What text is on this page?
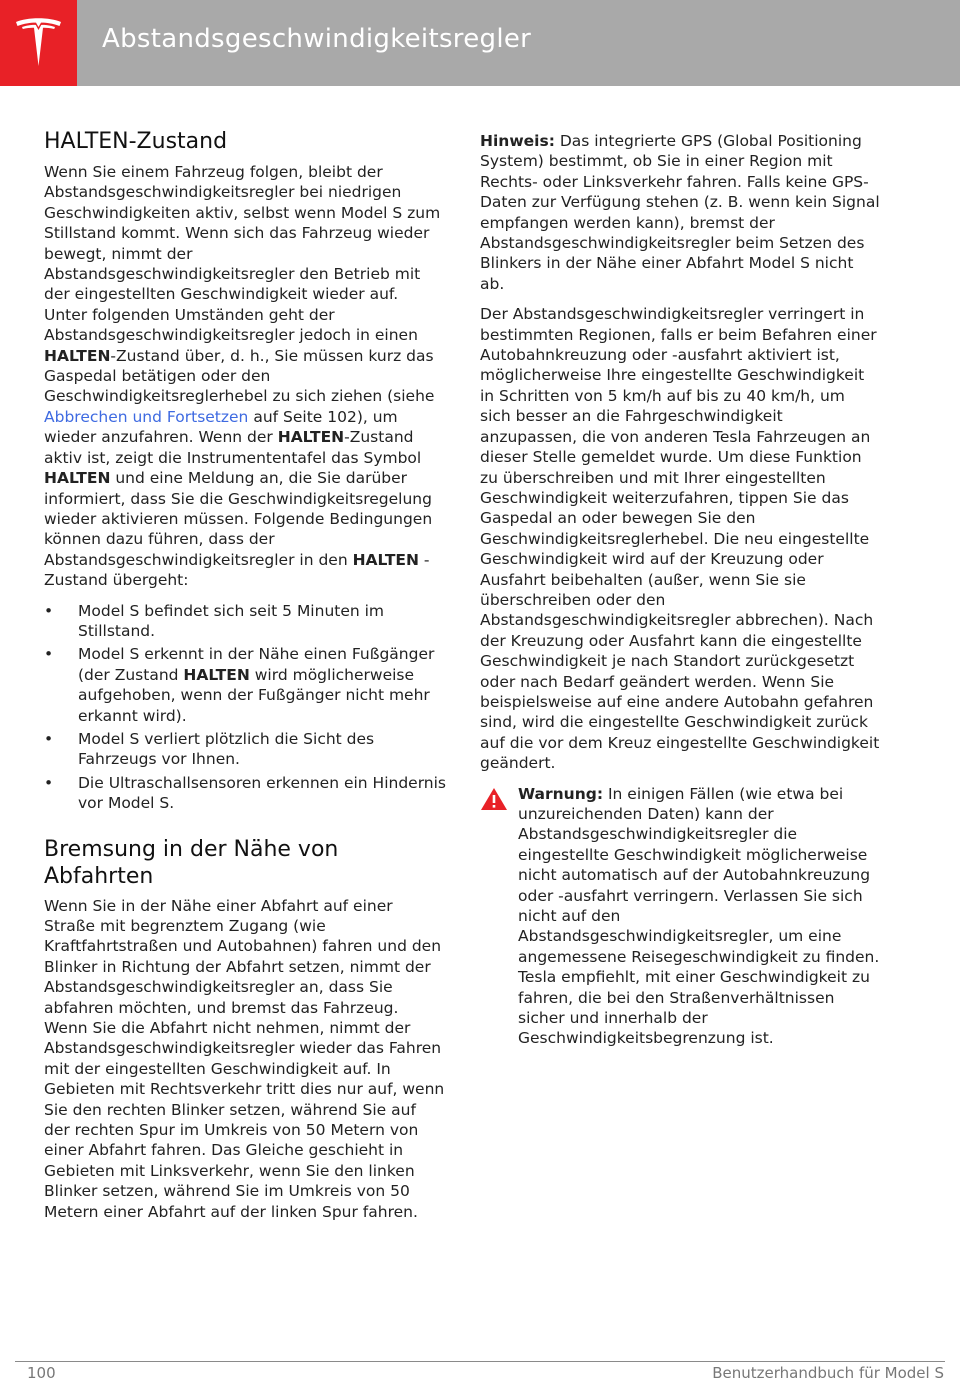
Abstandsgeschwindigkeitsregler
HALTEN-Zustand

Wenn Sie einem Fahrzeug folgen, bleibt der Abstandsgeschwindigkeitsregler bei niedrigen Geschwindigkeiten aktiv, selbst wenn Model S zum Stillstand kommt. Wenn sich das Fahrzeug wieder bewegt, nimmt der Abstandsgeschwindigkeitsregler den Betrieb mit der eingestellten Geschwindigkeit wieder auf. Unter folgenden Umständen geht der Abstandsgeschwindigkeitsregler jedoch in einen HALTEN-Zustand über, d. h., Sie müssen kurz das Gaspedal betätigen oder den Geschwindigkeitsreglerhebel zu sich ziehen (siehe Abbrechen und Fortsetzen auf Seite 102), um wieder anzufahren. Wenn der HALTEN-Zustand aktiv ist, zeigt die Instrumententafel das Symbol HALTEN und eine Meldung an, die Sie darüber informiert, dass Sie die Geschwindigkeitsregelung wieder aktivieren müssen. Folgende Bedingungen können dazu führen, dass der Abstandsgeschwindigkeitsregler in den HALTEN -Zustand übergeht:

• Model S befindet sich seit 5 Minuten im Stillstand.
• Model S erkennt in der Nähe einen Fußgänger (der Zustand HALTEN wird möglicherweise aufgehoben, wenn der Fußgänger nicht mehr erkannt wird).
• Model S verliert plötzlich die Sicht des Fahrzeugs vor Ihnen.
• Die Ultraschallsensoren erkennen ein Hindernis vor Model S.
Bremsung in der Nähe von Abfahrten

Wenn Sie in der Nähe einer Abfahrt auf einer Straße mit begrenztem Zugang (wie Kraftfahrtstraßen und Autobahnen) fahren und den Blinker in Richtung der Abfahrt setzen, nimmt der Abstandsgeschwindigkeitsregler an, dass Sie abfahren möchten, und bremst das Fahrzeug. Wenn Sie die Abfahrt nicht nehmen, nimmt der Abstandsgeschwindigkeitsregler wieder das Fahren mit der eingestellten Geschwindigkeit auf. In Gebieten mit Rechtsverkehr tritt dies nur auf, wenn Sie den rechten Blinker setzen, während Sie auf der rechten Spur im Umkreis von 50 Metern von einer Abfahrt fahren. Das Gleiche geschieht in Gebieten mit Linksverkehr, wenn Sie den linken Blinker setzen, während Sie im Umkreis von 50 Metern einer Abfahrt auf der linken Spur fahren.

Hinweis: Das integrierte GPS (Global Positioning System) bestimmt, ob Sie in einer Region mit Rechts- oder Linksverkehr fahren. Falls keine GPS-Daten zur Verfügung stehen (z. B. wenn kein Signal empfangen werden kann), bremst der Abstandsgeschwindigkeitsregler beim Setzen des Blinkers in der Nähe einer Abfahrt Model S nicht ab.

Der Abstandsgeschwindigkeitsregler verringert in bestimmten Regionen, falls er beim Befahren einer Autobahnkreuzung oder -ausfahrt aktiviert ist, möglicherweise Ihre eingestellte Geschwindigkeit in Schritten von 5 km/h auf bis zu 40 km/h, um sich besser an die Fahrgeschwindigkeit anzupassen, die von anderen Tesla Fahrzeugen an dieser Stelle gemeldet wurde. Um diese Funktion zu überschreiben und mit Ihrer eingestellten Geschwindigkeit weiterzufahren, tippen Sie das Gaspedal an oder bewegen Sie den Geschwindigkeitsreglerhebel. Die neu eingestellte Geschwindigkeit wird auf der Kreuzung oder Ausfahrt beibehalten (außer, wenn Sie sie überschreiben oder den Abstandsgeschwindigkeitsregler abbrechen). Nach der Kreuzung oder Ausfahrt kann die eingestellte Geschwindigkeit je nach Standort zurückgesetzt oder nach Bedarf geändert werden. Wenn Sie beispielsweise auf eine andere Autobahn gefahren sind, wird die eingestellte Geschwindigkeit zurück auf die vor dem Kreuz eingestellte Geschwindigkeit geändert.

Warnung: In einigen Fällen (wie etwa bei unzureichenden Daten) kann der Abstandsgeschwindigkeitsregler die eingestellte Geschwindigkeit möglicherweise nicht automatisch auf der Autobahnkreuzung oder -ausfahrt verringern. Verlassen Sie sich nicht auf den Abstandsgeschwindigkeitsregler, um eine angemessene Reisegeschwindigkeit zu finden. Tesla empfiehlt, mit einer Geschwindigkeit zu fahren, die bei den Straßenverhältnissen sicher und innerhalb der Geschwindigkeitsbegrenzung ist.
100	Benutzerhandbuch für Model S
